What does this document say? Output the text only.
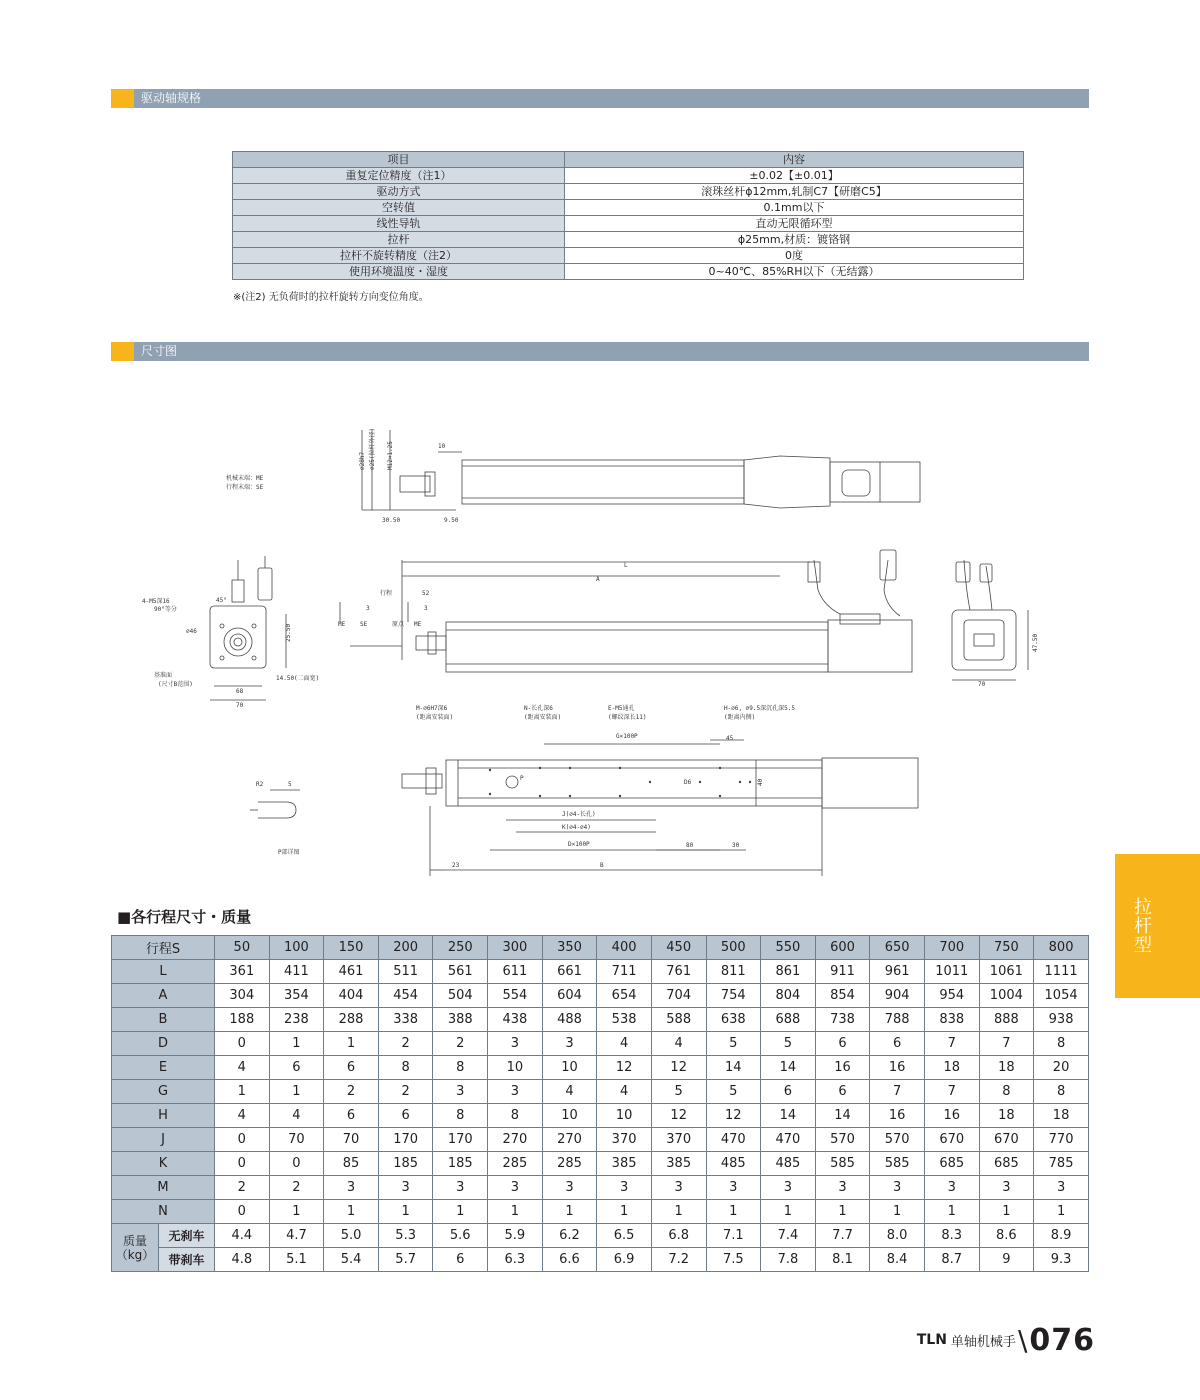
驱动轴规格
项目	内容
重复定位精度（注1）	±0.02【±0.01】
驱动方式	滚珠丝杆ϕ12mm,轧制C7【研磨C5】
空转值	0.1mm以下
线性导轨	直动无限循环型
拉杆	ϕ25mm,材质：镀铬钢
拉杆不旋转精度（注2）	0度
使用环境温度・湿度	0~40℃、85%RH以下（无结露）
※(注2) 无负荷时的拉杆旋转方向变位角度。
尺寸图
机械末端：ME
行程末端：SE
10
30.50	9.50
∅28h7 ∅25(拉杆外径) M12×1.25
4-M5深16
90°等分
45°
∅46	25.50
基准面
(尺寸B范围)
14.50(二面宽)
68
70
L
A
行程	52
3	3
ME SE	原点 ME
47.50
70
M-∅6H7深6
(距离安装面)
N-长孔深6
(距离安装面)
E-M5通孔
(螺纹深长11)
H-∅6, ∅9.5深沉孔深5.5
(距离内侧)
G×100P	45
40
D6
P
J(∅4-长孔)
K(∅4-∅4)
D×100P	80	30
23	B
R2	5
P部详图
■各行程尺寸・质量
行程S		50	100	150	200	250	300	350	400	450	500	550	600	650	700	750	800
L		361	411	461	511	561	611	661	711	761	811	861	911	961	1011	1061	1111
A		304	354	404	454	504	554	604	654	704	754	804	854	904	954	1004	1054
B		188	238	288	338	388	438	488	538	588	638	688	738	788	838	888	938
D		0	1	1	2	2	3	3	4	4	5	5	6	6	7	7	8
E		4	6	6	8	8	10	10	12	12	14	14	16	16	18	18	20
G		1	1	2	2	3	3	4	4	5	5	6	6	7	7	8	8
H		4	4	6	6	8	8	10	10	12	12	14	14	16	16	18	18
J		0	70	70	170	170	270	270	370	370	470	470	570	570	670	670	770
K		0	0	85	185	185	285	285	385	385	485	485	585	585	685	685	785
M		2	2	3	3	3	3	3	3	3	3	3	3	3	3	3	3
N		0	1	1	1	1	1	1	1	1	1	1	1	1	1	1	1
质量（kg）	无刹车	4.4	4.7	5.0	5.3	5.6	5.9	6.2	6.5	6.8	7.1	7.4	7.7	8.0	8.3	8.6	8.9
	带刹车	4.8	5.1	5.4	5.7	6	6.3	6.6	6.9	7.2	7.5	7.8	8.1	8.4	8.7	9	9.3
拉杆型
TLN 单轴机械手 \ 076
